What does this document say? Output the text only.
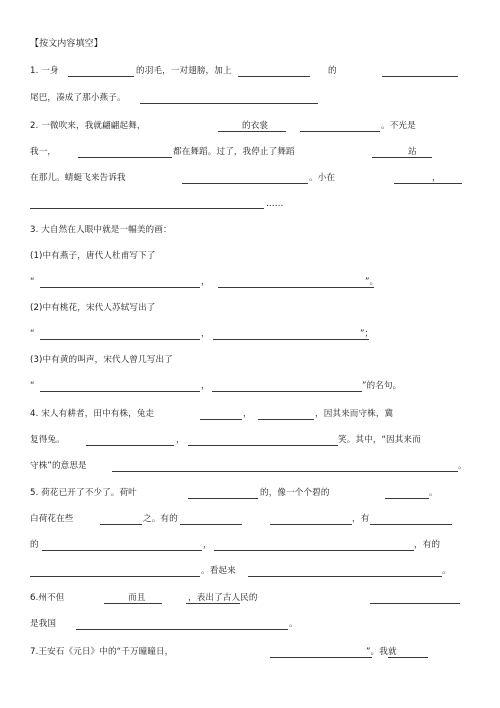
【按文内容填空】
1. 一身	的羽毛，一对翅膀，加上	的
尾巴，凑成了那小燕子。
2. 一微吹来，我就翩翩起舞，	的衣裳	。不光是
我一，	都在舞蹈。过了，我停止了舞蹈	站
在那儿。蜻蜓飞来告诉我	。小在	，
……
3. 大自然在人眼中就是一幅美的画：
(1)中有燕子，唐代人杜甫写下了
“	，	”。
(2)中有桃花，宋代人苏轼写出了
“	，	”；
(3)中有黄的叫声，宋代人曾几写出了
“	，	”的名句。
4. 宋人有耕者，田中有株，兔走	，	，因其来而守株，冀
复得兔。	，	笑。其中，“因其来而
守株”的意思是	。
5. 荷花已开了不少了。荷叶	的，像一个个碧的	。
白荷花在些	之。有的	，有
的	，	，有的
。看起来	。
6.州不但	而且	，表出了古人民的
是我国	。
7.王安石《元日》中的“千万曈曈日，	”。我就
